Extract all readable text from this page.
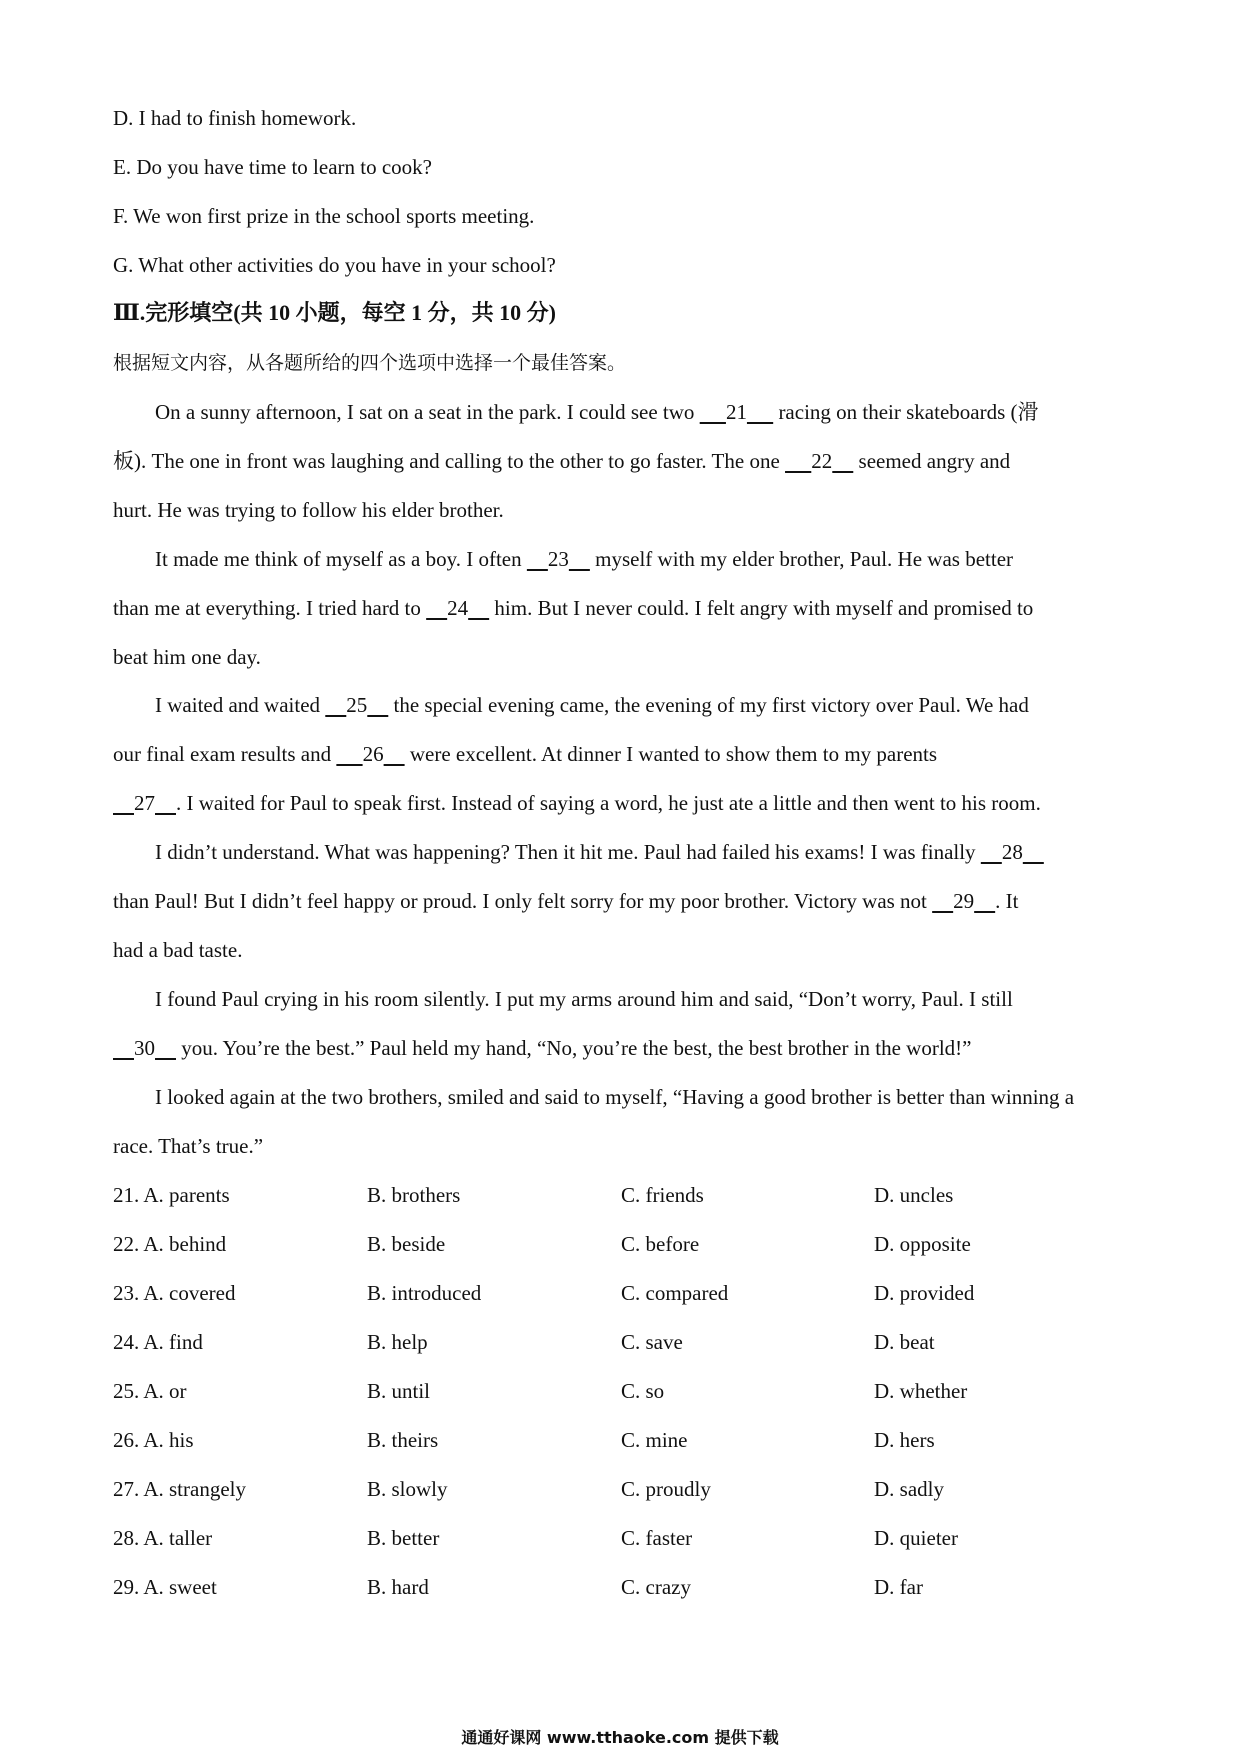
D. I had to finish homework.
E. Do you have time to learn to cook?
F. We won first prize in the school sports meeting.
G. What other activities do you have in your school?
Ⅲ.完形填空(共 10 小题，每空 1 分，共 10 分)
根据短文内容，从各题所给的四个选项中选择一个最佳答案。
On a sunny afternoon, I sat on a seat in the park. I could see two 21 racing on their skateboards (滑
板). The one in front was laughing and calling to the other to go faster. The one 22 seemed angry and
hurt. He was trying to follow his elder brother.
It made me think of myself as a boy. I often 23 myself with my elder brother, Paul. He was better
than me at everything. I tried hard to 24 him. But I never could. I felt angry with myself and promised to
beat him one day.
I waited and waited 25 the special evening came, the evening of my first victory over Paul. We had
our final exam results and 26 were excellent. At dinner I wanted to show them to my parents
27 . I waited for Paul to speak first. Instead of saying a word, he just ate a little and then went to his room.
I didn’t understand. What was happening? Then it hit me. Paul had failed his exams! I was finally 28
than Paul! But I didn’t feel happy or proud. I only felt sorry for my poor brother. Victory was not 29 . It
had a bad taste.
I found Paul crying in his room silently. I put my arms around him and said, “Don’t worry, Paul. I still
30 you. You’re the best.” Paul held my hand, “No, you’re the best, the best brother in the world!”
I looked again at the two brothers, smiled and said to myself, “Having a good brother is better than winning a
race. That’s true.”
21. A. parents	B. brothers	C. friends	D. uncles
22. A. behind	B. beside	C. before	D. opposite
23. A. covered	B. introduced	C. compared	D. provided
24. A. find	B. help	C. save	D. beat
25. A. or	B. until	C. so	D. whether
26. A. his	B. theirs	C. mine	D. hers
27. A. strangely	B. slowly	C. proudly	D. sadly
28. A. taller	B. better	C. faster	D. quieter
29. A. sweet	B. hard	C. crazy	D. far
通通好课网 www.tthaoke.com 提供下载
